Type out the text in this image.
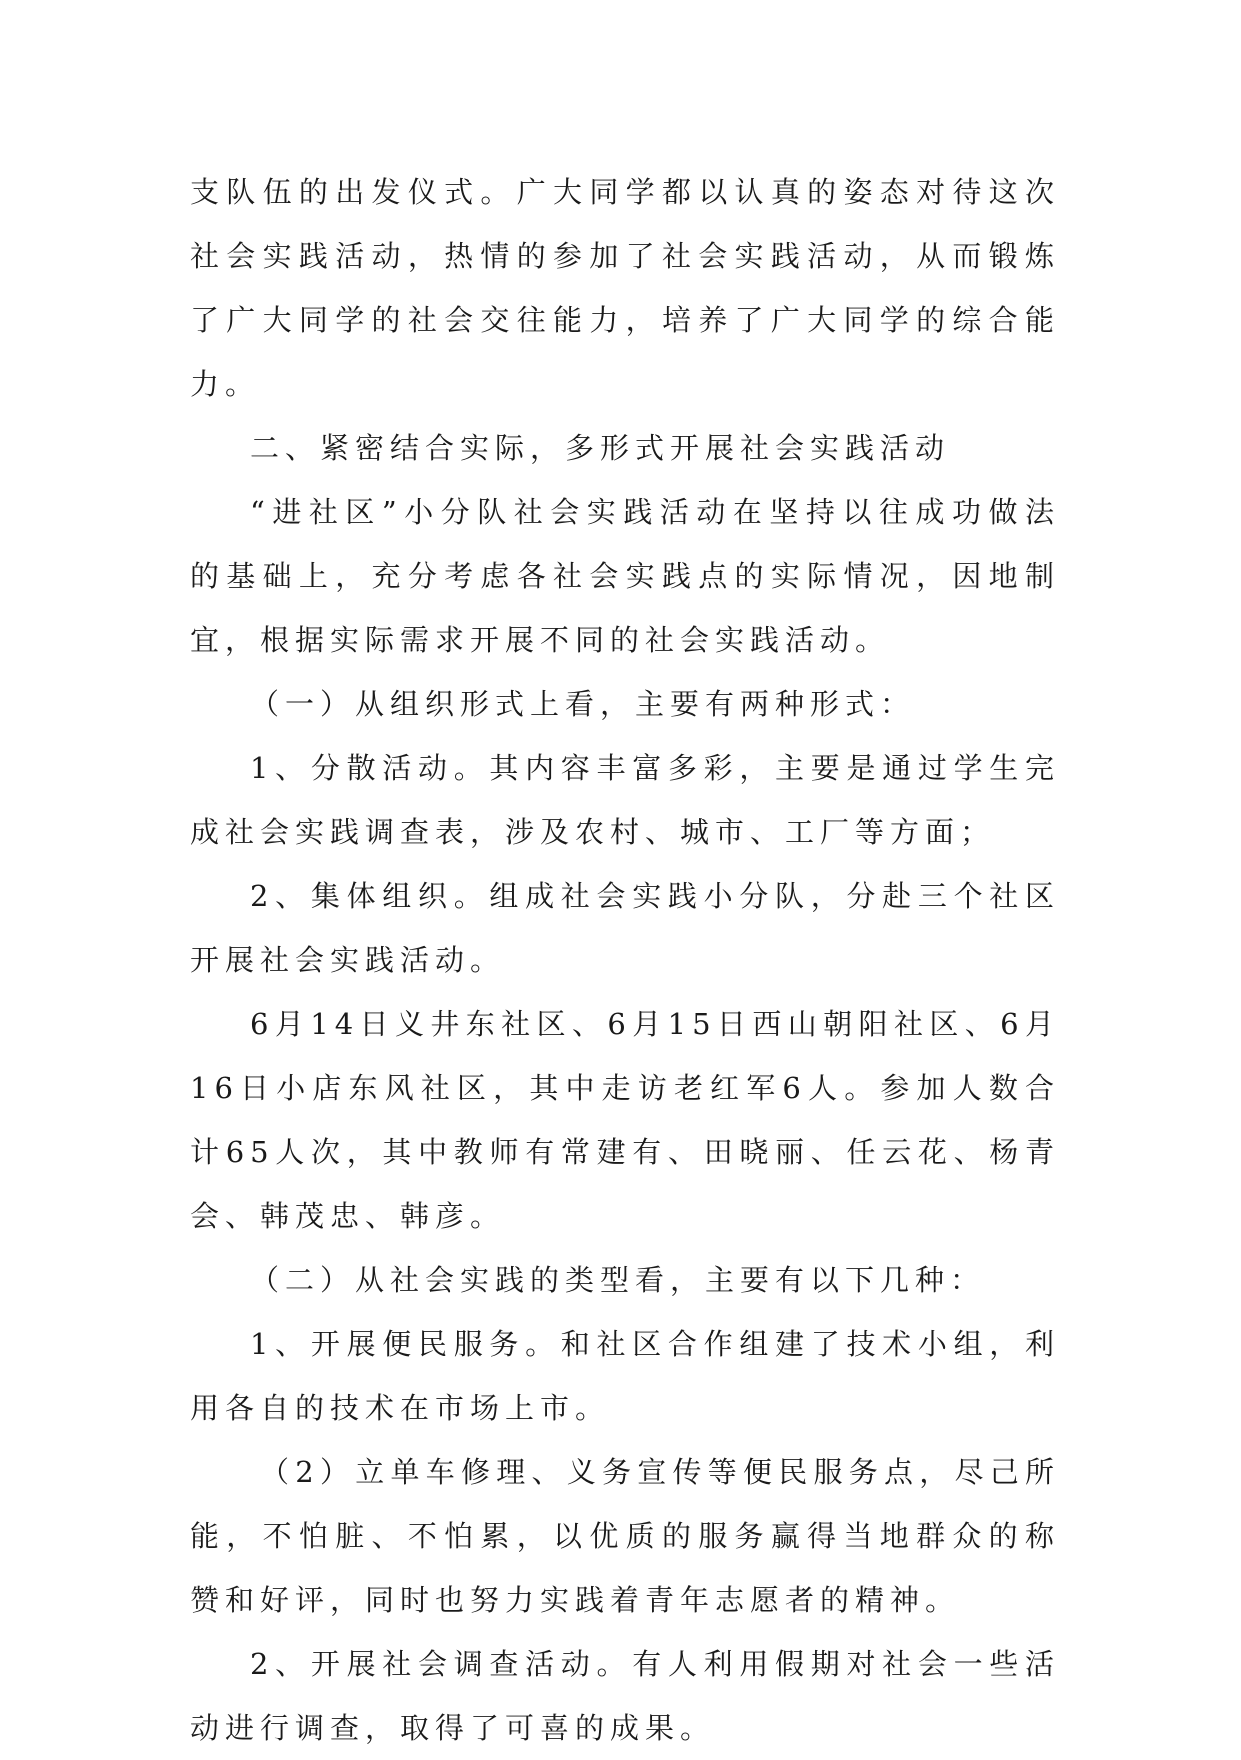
支队伍的出发仪式。广大同学都以认真的姿态对待这次社会实践活动，热情的参加了社会实践活动，从而锻炼了广大同学的社会交往能力，培养了广大同学的综合能力。

二、紧密结合实际，多形式开展社会实践活动

“进社区”小分队社会实践活动在坚持以往成功做法的基础上，充分考虑各社会实践点的实际情况，因地制宜，根据实际需求开展不同的社会实践活动。

（一）从组织形式上看，主要有两种形式：

1、分散活动。其内容丰富多彩，主要是通过学生完成社会实践调查表，涉及农村、城市、工厂等方面；

2、集体组织。组成社会实践小分队，分赴三个社区开展社会实践活动。

6月14日义井东社区、6月15日西山朝阳社区、6月16日小店东风社区，其中走访老红军6人。参加人数合计65人次，其中教师有常建有、田晓丽、任云花、杨青会、韩茂忠、韩彦。

（二）从社会实践的类型看，主要有以下几种：

1、开展便民服务。和社区合作组建了技术小组，利用各自的技术在市场上市。

（2）立单车修理、义务宣传等便民服务点，尽己所能，不怕脏、不怕累，以优质的服务赢得当地群众的称赞和好评，同时也努力实践着青年志愿者的精神。

2、开展社会调查活动。有人利用假期对社会一些活动进行调查，取得了可喜的成果。
